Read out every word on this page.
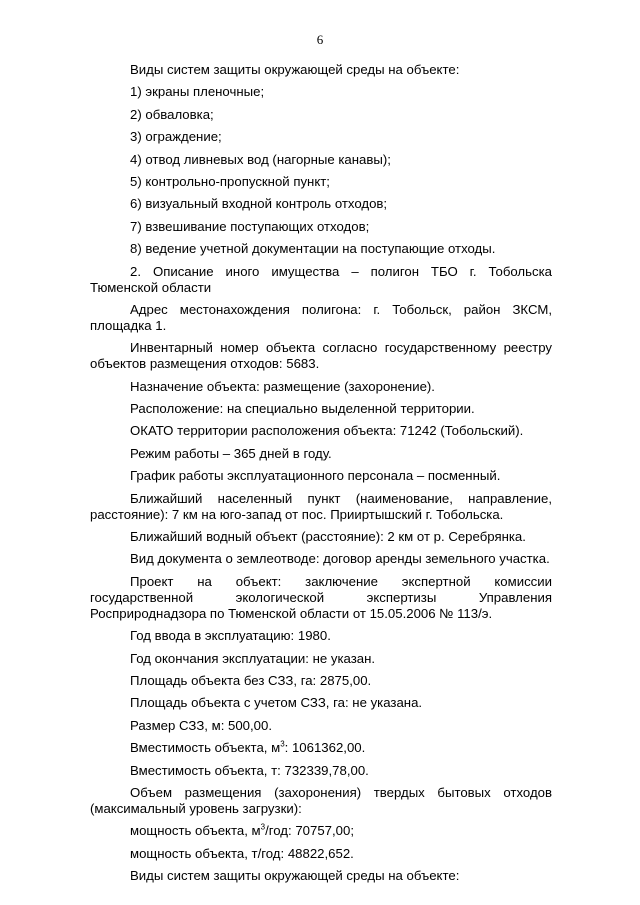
6

Виды систем защиты окружающей среды на объекте:

1) экраны пленочные;

2) обваловка;

3) ограждение;

4) отвод ливневых вод (нагорные канавы);

5) контрольно-пропускной пункт;

6) визуальный входной контроль отходов;

7) взвешивание поступающих отходов;

8) ведение учетной документации на поступающие отходы.

2. Описание иного имущества – полигон ТБО г. Тобольска Тюменской области

Адрес местонахождения полигона: г. Тобольск, район ЗКСМ, площадка 1.

Инвентарный номер объекта согласно государственному реестру объектов размещения отходов: 5683.

Назначение объекта: размещение (захоронение).

Расположение: на специально выделенной территории.

ОКАТО территории расположения объекта: 71242 (Тобольский).

Режим работы – 365 дней в году.

График работы эксплуатационного персонала – посменный.

Ближайший населенный пункт (наименование, направление, расстояние): 7 км на юго-запад от пос. Прииртышский г. Тобольска.

Ближайший водный объект (расстояние): 2 км от р. Серебрянка.

Вид документа о землеотводе: договор аренды земельного участка.

Проект на объект: заключение экспертной комиссии государственной экологической экспертизы Управления Росприроднадзора по Тюменской области от 15.05.2006 № 113/э.

Год ввода в эксплуатацию: 1980.

Год окончания эксплуатации: не указан.

Площадь объекта без СЗЗ, га: 2875,00.

Площадь объекта с учетом СЗЗ, га: не указана.

Размер СЗЗ, м: 500,00.

Вместимость объекта, $м^3$: 1061362,00.

Вместимость объекта, т: 732339,78,00.

Объем размещения (захоронения) твердых бытовых отходов (максимальный уровень загрузки):

мощность объекта, $м^3$/год: 70757,00;

мощность объекта, т/год: 48822,652.

Виды систем защиты окружающей среды на объекте:
